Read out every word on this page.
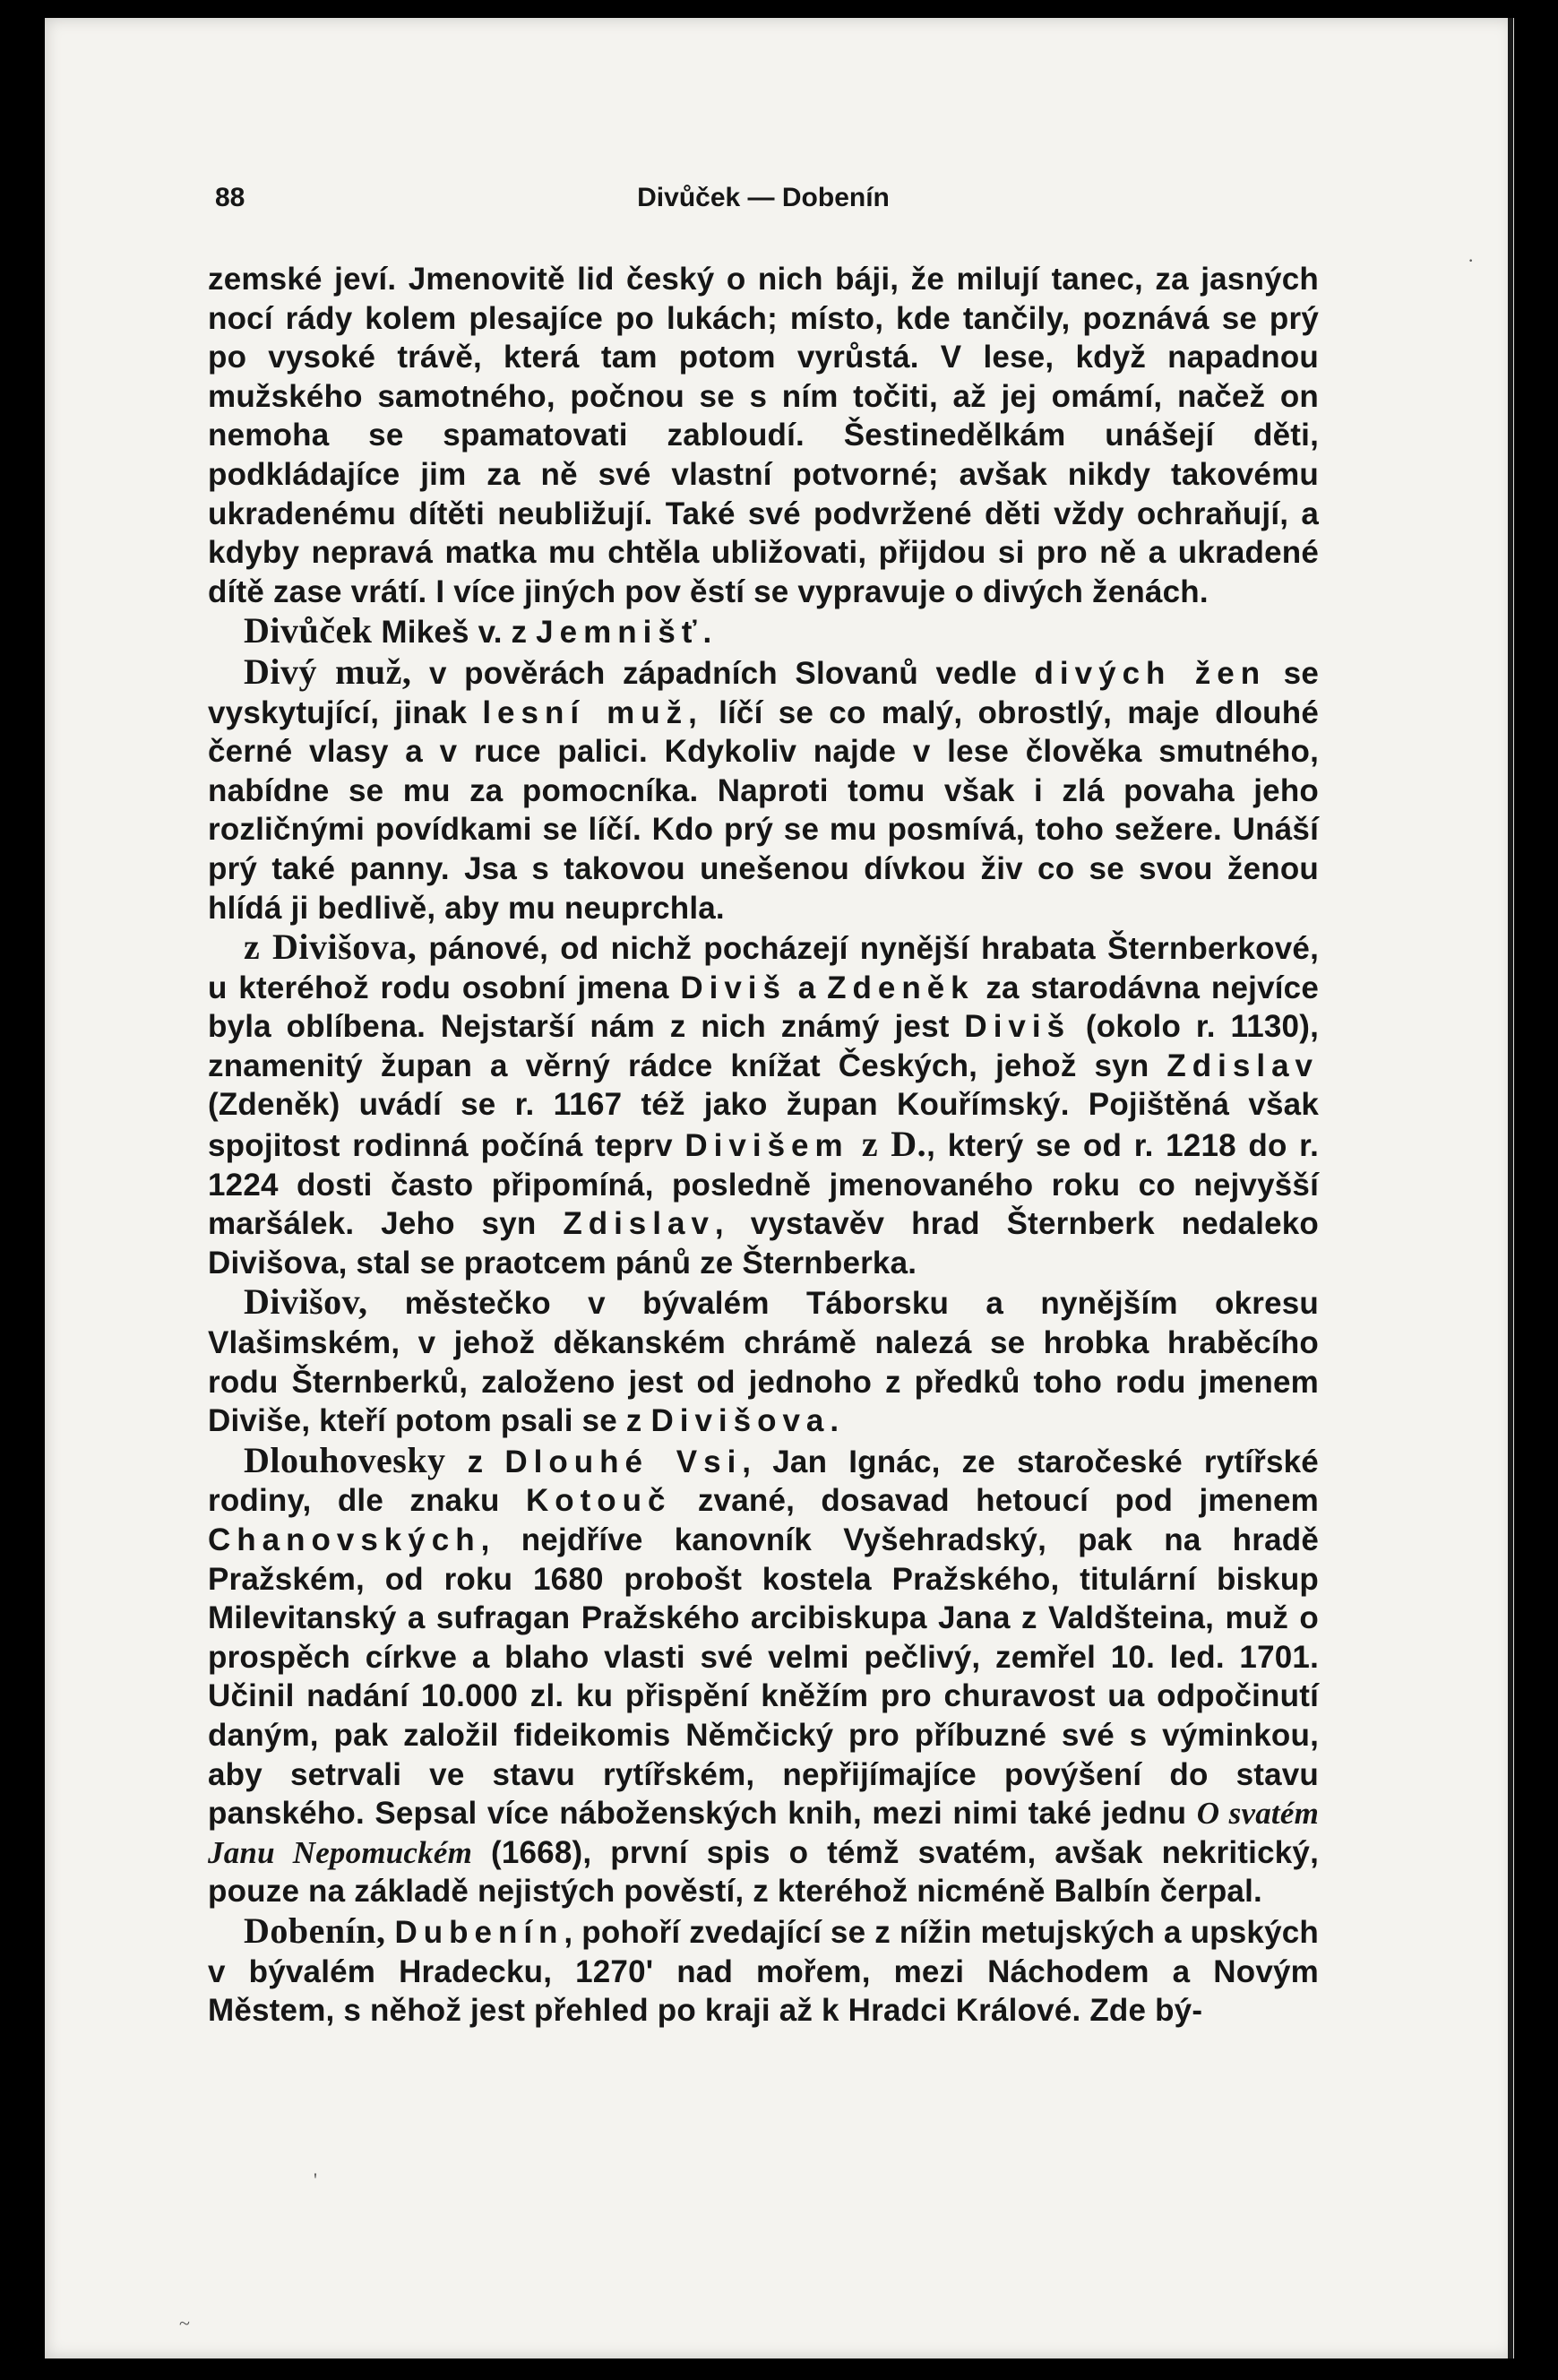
88	Divůček — Dobenín

zemské jeví. Jmenovitě lid český o nich báji, že milují tanec, za jasných nocí rády kolem plesajíce po lukách; místo, kde tančily, poznává se prý po vysoké trávě, která tam potom vyrůstá. V lese, když napadnou mužského samotného, počnou se s ním točiti, až jej omámí, načež on nemoha se spamatovati zabloudí. Šestinedělkám unášejí děti, podkládajíce jim za ně své vlastní potvorné; avšak nikdy takovému ukradenému dítěti neubližují. Také své podvržené děti vždy ochraňují, a kdyby nepravá matka mu chtěla ubližovati, přijdou si pro ně a ukradené dítě zase vrátí. I více jiných pov ěstí se vypravuje o divých ženách.

Divůček Mikeš v. z Jemnišť.

Divý muž, v pověrách západních Slovanů vedle divých žen se vyskytující, jinak lesní muž, líčí se co malý, obrostlý, maje dlouhé černé vlasy a v ruce palici. Kdykoliv najde v lese člověka smutného, nabídne se mu za pomocníka. Naproti tomu však i zlá povaha jeho rozličnými povídkami se líčí. Kdo prý se mu posmívá, toho sežere. Unáší prý také panny. Jsa s takovou unešenou dívkou živ co se svou ženou hlídá ji bedlivě, aby mu neuprchla.

z Divišova, pánové, od nichž pocházejí nynější hrabata Šternberkové, u kteréhož rodu osobní jmena Diviš a Zdeněk za starodávna nejvíce byla oblíbena. Nejstarší nám z nich známý jest Diviš (okolo r. 1130), znamenitý župan a věrný rádce knížat Českých, jehož syn Zdislav (Zdeněk) uvádí se r. 1167 též jako župan Kouřímský. Pojištěná však spojitost rodinná počíná teprv Divišem z D., který se od r. 1218 do r. 1224 dosti často připomíná, posledně jmenovaného roku co nejvyšší maršálek. Jeho syn Zdislav, vystavěv hrad Šternberk nedaleko Divišova, stal se praotcem pánů ze Šternberka.

Divišov, městečko v bývalém Táborsku a nynějším okresu Vlašimském, v jehož děkanském chrámě nalezá se hrobka hraběcího rodu Šternberků, založeno jest od jednoho z předků toho rodu jmenem Diviše, kteří potom psali se z Divišova.

Dlouhovesky z Dlouhé Vsi, Jan Ignác, ze staročeské rytířské rodiny, dle znaku Kotouč zvané, dosavad hetoucí pod jmenem Chanovských, nejdříve kanovník Vyšehradský, pak na hradě Pražském, od roku 1680 probošt kostela Pražského, titulární biskup Milevitanský a sufragan Pražského arcibiskupa Jana z Valdšteina, muž o prospěch církve a blaho vlasti své velmi pečlivý, zemřel 10. led. 1701. Učinil nadání 10.000 zl. ku přispění kněžím pro churavost ua odpočinutí daným, pak založil fideikomis Němčický pro příbuzné své s výminkou, aby setrvali ve stavu rytířském, nepřijímajíce povýšení do stavu panského. Sepsal více náboženských knih, mezi nimi také jednu O svatém Janu Nepomuckém (1668), první spis o témž svatém, avšak nekritický, pouze na základě nejistých pověstí, z kteréhož nicméně Balbín čerpal.

Dobenín, Dubenín, pohoří zvedající se z nížin metujských a upských v bývalém Hradecku, 1270' nad mořem, mezi Náchodem a Novým Městem, s něhož jest přehled po kraji až k Hradci Králové. Zde bý-

·
'
~
